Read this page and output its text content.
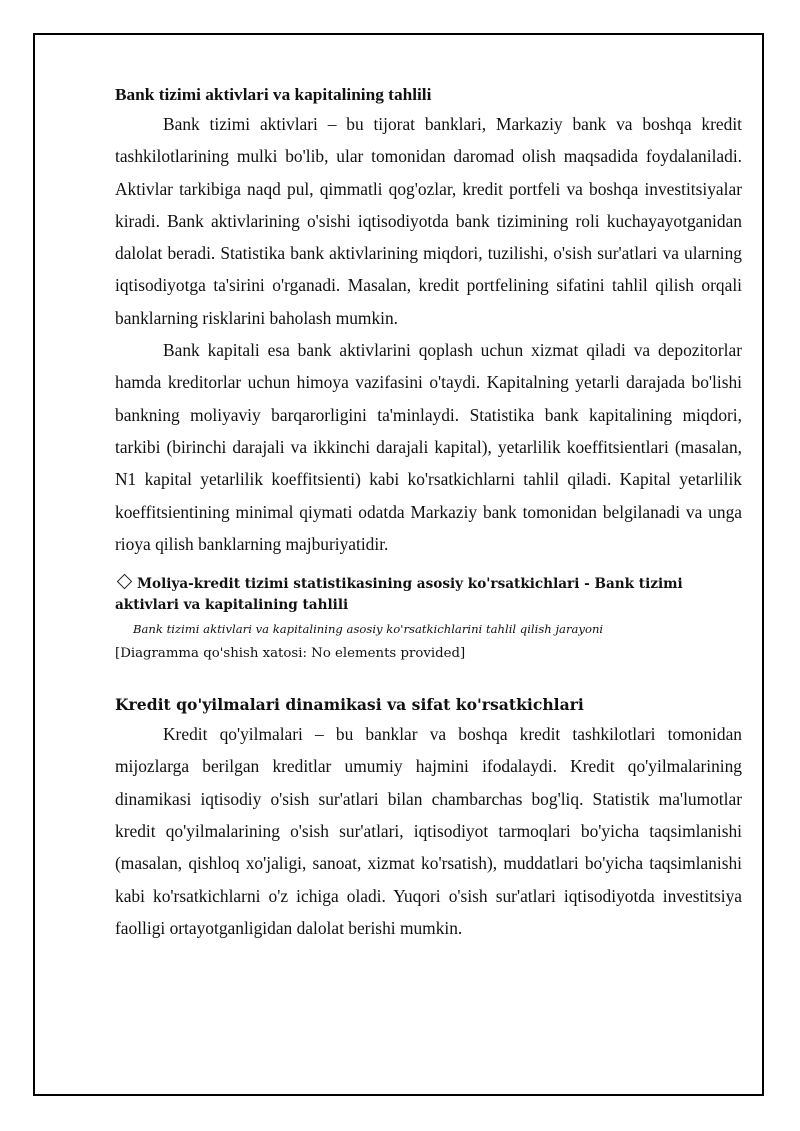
Bank tizimi aktivlari va kapitalining tahlili

Bank tizimi aktivlari – bu tijorat banklari, Markaziy bank va boshqa kredit tashkilotlarining mulki bo'lib, ular tomonidan daromad olish maqsadida foydalaniladi. Aktivlar tarkibiga naqd pul, qimmatli qog'ozlar, kredit portfeli va boshqa investitsiyalar kiradi. Bank aktivlarining o'sishi iqtisodiyotda bank tizimining roli kuchayayotganidan dalolat beradi. Statistika bank aktivlarining miqdori, tuzilishi, o'sish sur'atlari va ularning iqtisodiyotga ta'sirini o'rganadi. Masalan, kredit portfelining sifatini tahlil qilish orqali banklarning risklarini baholash mumkin.

Bank kapitali esa bank aktivlarini qoplash uchun xizmat qiladi va depozitorlar hamda kreditorlar uchun himoya vazifasini o'taydi. Kapitalning yetarli darajada bo'lishi bankning moliyaviy barqarorligini ta'minlaydi. Statistika bank kapitalining miqdori, tarkibi (birinchi darajali va ikkinchi darajali kapital), yetarlilik koeffitsientlari (masalan, N1 kapital yetarlilik koeffitsienti) kabi ko'rsatkichlarni tahlil qiladi. Kapital yetarlilik koeffitsientining minimal qiymati odatda Markaziy bank tomonidan belgilanadi va unga rioya qilish banklarning majburiyatidir.

Moliya-kredit tizimi statistikasining asosiy ko'rsatkichlari - Bank tizimi aktivlari va kapitalining tahlili
Bank tizimi aktivlari va kapitalining asosiy ko'rsatkichlarini tahlil qilish jarayoni
[Diagramma qo'shish xatosi: No elements provided]
Kredit qo'yilmalari dinamikasi va sifat ko'rsatkichlari

Kredit qo'yilmalari – bu banklar va boshqa kredit tashkilotlari tomonidan mijozlarga berilgan kreditlar umumiy hajmini ifodalaydi. Kredit qo'yilmalarining dinamikasi iqtisodiy o'sish sur'atlari bilan chambarchas bog'liq. Statistik ma'lumotlar kredit qo'yilmalarining o'sish sur'atlari, iqtisodiyot tarmoqlari bo'yicha taqsimlanishi (masalan, qishloq xo'jaligi, sanoat, xizmat ko'rsatish), muddatlari bo'yicha taqsimlanishi kabi ko'rsatkichlarni o'z ichiga oladi. Yuqori o'sish sur'atlari iqtisodiyotda investitsiya faolligi ortayotganligidan dalolat berishi mumkin.
